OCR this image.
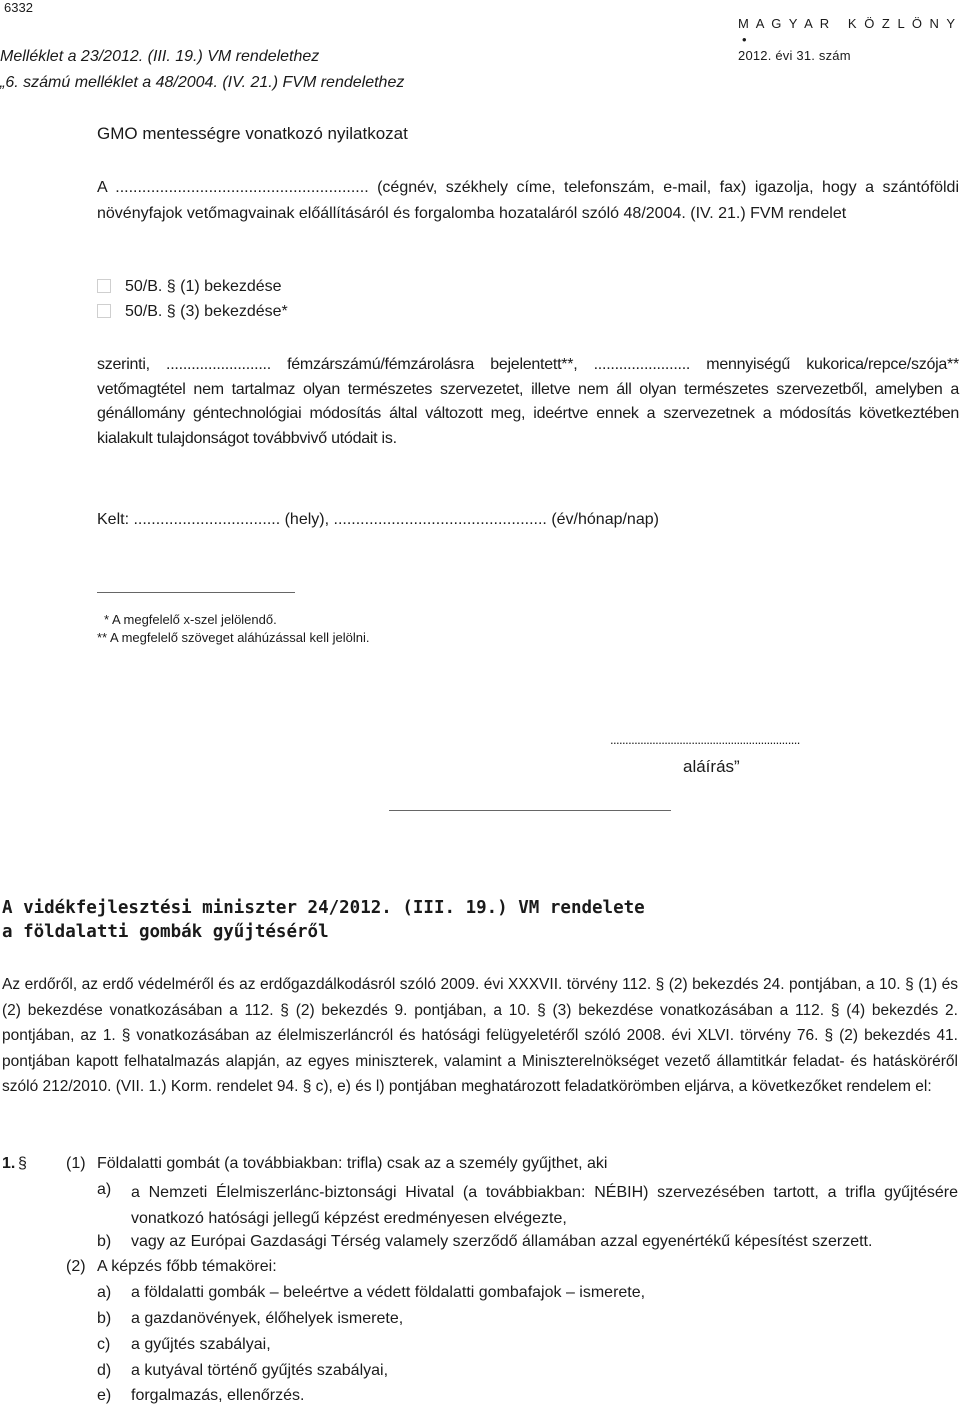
6332

M A G Y A R   K Ö Z L Ö N Y
•
2012. évi 31. szám

Melléklet a 23/2012. (III. 19.) VM rendelethez
„6. számú melléklet a 48/2004. (IV. 21.) FVM rendelethez
GMO mentességre vonatkozó nyilatkozat
A ......................................................... (cégnév, székhely címe, telefonszám, e-mail, fax) igazolja, hogy a szántóföldi növényfajok vetőmagvainak előállításáról és forgalomba hozataláról szóló 48/2004. (IV. 21.) FVM rendelet
50/B. § (1) bekezdése
50/B. § (3) bekezdése*
szerinti, ......................... fémzárszámú/fémzárolásra bejelentett**, ....................... mennyiségű kukorica/repce/szója** vetőmagtétel nem tartalmaz olyan természetes szervezetet, illetve nem áll olyan természetes szervezetből, amelyben a génállomány géntechnológiai módosítás által változott meg, ideértve ennek a szervezetnek a módosítás következtében kialakult tulajdonságot továbbvivő utódait is.
Kelt: ................................. (hely), ................................................ (év/hónap/nap)
* A megfelelő x-szel jelölendő.
** A megfelelő szöveget aláhúzással kell jelölni.
...............................................................
aláírás”
A vidékfejlesztési miniszter 24/2012. (III. 19.) VM rendelete
a földalatti gombák gyűjtéséről
Az erdőről, az erdő védelméről és az erdőgazdálkodásról szóló 2009. évi XXXVII. törvény 112. § (2) bekezdés 24. pontjában, a 10. § (1) és (2) bekezdése vonatkozásában a 112. § (2) bekezdés 9. pontjában, a 10. § (3) bekezdése vonatkozásában a 112. § (4) bekezdés 2. pontjában, az 1. § vonatkozásában az élelmiszerláncról és hatósági felügyeletéről szóló 2008. évi XLVI. törvény 76. § (2) bekezdés 41. pontjában kapott felhatalmazás alapján, az egyes miniszterek, valamint a Miniszterelnökséget vezető államtitkár feladat- és hatásköréről szóló 212/2010. (VII. 1.) Korm. rendelet 94. § c), e) és l) pontjában meghatározott feladatkörömben eljárva, a következőket rendelem el:
1. § (1) Földalatti gombát (a továbbiakban: trifla) csak az a személy gyűjthet, aki
a) a Nemzeti Élelmiszerlánc-biztonsági Hivatal (a továbbiakban: NÉBIH) szervezésében tartott, a trifla gyűjtésére vonatkozó hatósági jellegű képzést eredményesen elvégezte,
b) vagy az Európai Gazdasági Térség valamely szerződő államában azzal egyenértékű képesítést szerzett.
(2) A képzés főbb témakörei:
a) a földalatti gombák – beleértve a védett földalatti gombafajok – ismerete,
b) a gazdanövények, élőhelyek ismerete,
c) a gyűjtés szabályai,
d) a kutyával történő gyűjtés szabályai,
e) forgalmazás, ellenőrzés.
